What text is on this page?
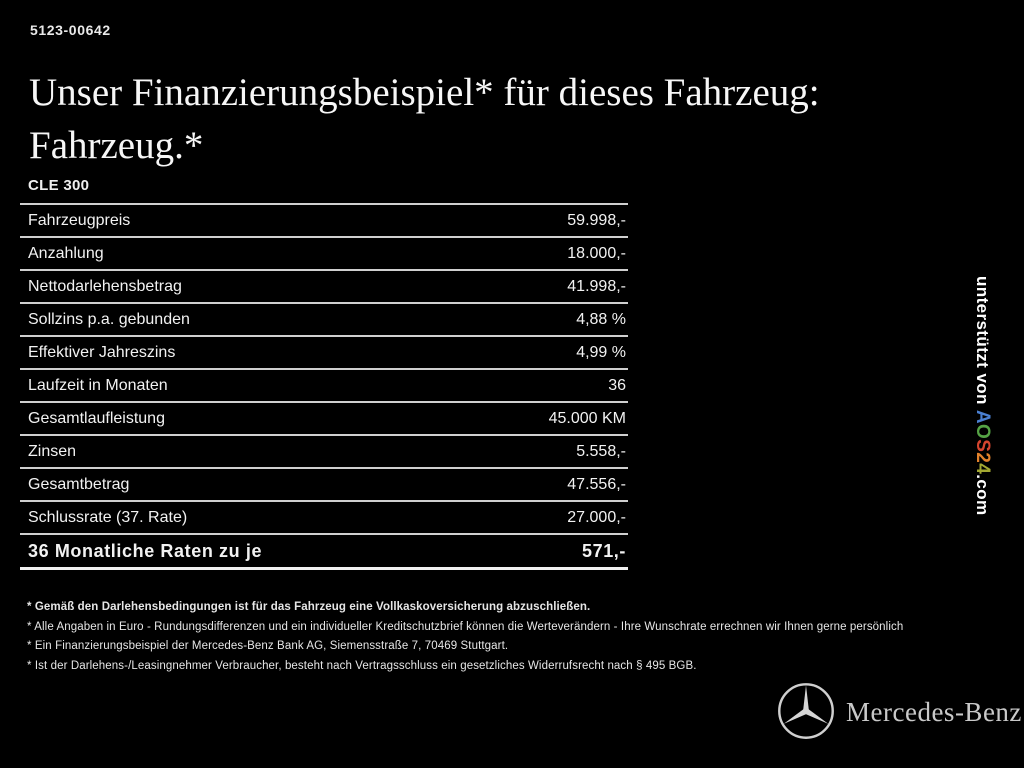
5123-00642
Unser Finanzierungsbeispiel* für dieses Fahrzeug:
Fahrzeug.*
CLE 300
Fahrzeugpreis	59.998,-
Anzahlung	18.000,-
Nettodarlehensbetrag	41.998,-
Sollzins p.a. gebunden	4,88 %
Effektiver Jahreszins	4,99 %
Laufzeit in Monaten	36
Gesamtlaufleistung	45.000 KM
Zinsen	5.558,-
Gesamtbetrag	47.556,-
Schlussrate (37. Rate)	27.000,-
36 Monatliche Raten zu je	571,-
* Gemäß den Darlehensbedingungen ist für das Fahrzeug eine Vollkaskoversicherung abzuschließen.
* Alle Angaben in Euro - Rundungsdifferenzen und ein individueller Kreditschutzbrief können die Werteverändern - Ihre Wunschrate errechnen wir Ihnen gerne persönlich
* Ein Finanzierungsbeispiel der Mercedes-Benz Bank AG, Siemensstraße 7, 70469 Stuttgart.
* Ist der Darlehens-/Leasingnehmer Verbraucher, besteht nach Vertragsschluss ein gesetzliches Widerrufsrecht nach § 495 BGB.
unterstützt von AOS24.com
Mercedes-Benz
